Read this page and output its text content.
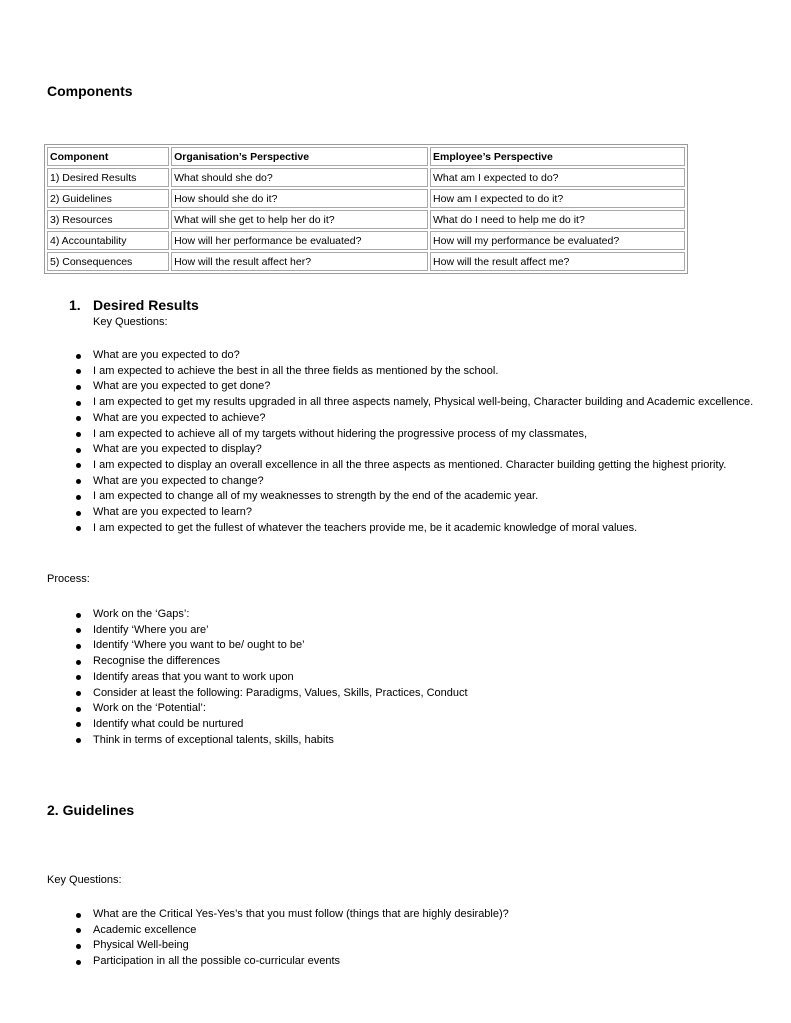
Components
Component	Organisation’s Perspective	Employee’s Perspective
1) Desired Results	What should she do?	What am I expected to do?
2) Guidelines	How should she do it?	How am I expected to do it?
3) Resources	What will she get to help her do it?	What do I need to help me do it?
4) Accountability	How will her performance be evaluated?	How will my performance be evaluated?
5) Consequences	How will the result affect her?	How will the result affect me?
1. Desired Results
Key Questions:
What are you expected to do?
I am expected to achieve the best in all the three fields as mentioned by the school.
What are you expected to get done?
I am expected to get my results upgraded in all three aspects namely, Physical well-being, Character building and Academic excellence.
What are you expected to achieve?
I am expected to achieve all of my targets without hidering the progressive process of my classmates,
What are you expected to display?
I am expected to display an overall excellence in all the three aspects as mentioned. Character building getting the highest priority.
What are you expected to change?
I am expected to change all of my weaknesses to strength by the end of the academic year.
What are you expected to learn?
I am expected to get the fullest of whatever the teachers provide me, be it academic knowledge of moral values.
Process:
Work on the ‘Gaps’:
Identify ‘Where you are’
Identify ‘Where you want to be/ ought to be’
Recognise the differences
Identify areas that you want to work upon
Consider at least the following: Paradigms, Values, Skills, Practices, Conduct
Work on the ‘Potential’:
Identify what could be nurtured
Think in terms of exceptional talents, skills, habits
2. Guidelines
Key Questions:
What are the Critical Yes-Yes’s that you must follow (things that are highly desirable)?
Academic excellence
Physical Well-being
Participation in all the possible co-curricular events
